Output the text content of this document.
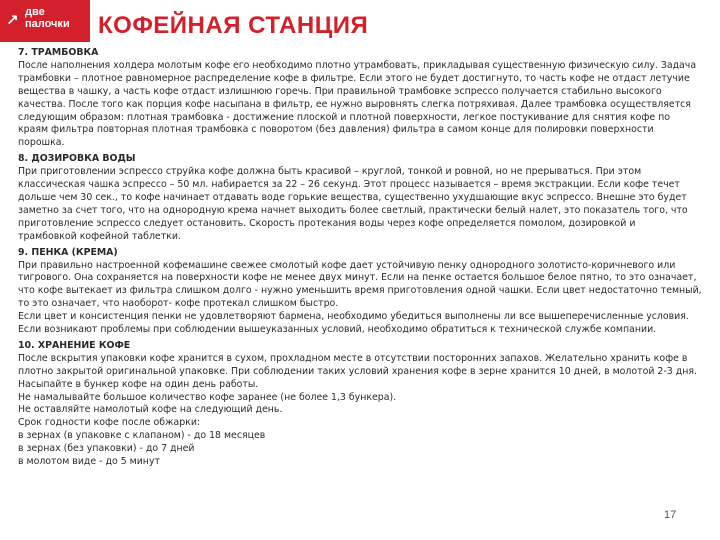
↗ две
палочки КОФЕЙНАЯ СТАНЦИЯ
7. ТРАМБОВКА
После наполнения холдера молотым кофе его необходимо плотно утрамбовать, прикладывая существенную физическую силу. Задача
трамбовки – плотное равномерное распределение кофе в фильтре. Если этого не будет достигнуто, то часть кофе не отдаст летучие
вещества в чашку, а часть кофе отдаст излишнюю горечь. При правильной трамбовке эспрессо получается стабильно высокого
качества. После того как порция кофе насыпана в фильтр, ее нужно выровнять слегка потряхивая. Далее трамбовка осуществляется
следующим образом: плотная трамбовка - достижение плоской и плотной поверхности, легкое постукивание для снятия кофе по
краям фильтра повторная плотная трамбовка с поворотом (без давления) фильтра в самом конце для полировки поверхности
порошка.
8. ДОЗИРОВКА ВОДЫ
При приготовлении эспрессо струйка кофе должна быть красивой – круглой, тонкой и ровной, но не прерываться. При этом
классическая чашка эспрессо – 50 мл. набирается за 22 – 26 секунд. Этот процесс называется – время экстракции. Если кофе течет
дольше чем 30 сек., то кофе начинает отдавать воде горькие вещества, существенно ухудшающие вкус эспрессо. Внешне это будет
заметно за счет того, что на однородную крема начнет выходить более светлый, практически белый налет, это показатель того, что
приготовление эспрессо следует остановить. Скорость протекания воды через кофе определяется помолом, дозировкой и
трамбовкой кофейной таблетки.
9. ПЕНКА (КРЕМА)
При правильно настроенной кофемашине свежее смолотый кофе дает устойчивую пенку однородного золотисто-коричневого или
тигрового. Она сохраняется на поверхности кофе не менее двух минут. Если на пенке остается большое белое пятно, то это означает,
что кофе вытекает из фильтра слишком долго - нужно уменьшить время приготовления одной чашки. Если цвет недостаточно темный,
то это означает, что наоборот- кофе протекал слишком быстро.
Если цвет и консистенция пенки не удовлетворяют бармена, необходимо убедиться выполнены ли все вышеперечисленные условия.
Если возникают проблемы при соблюдении вышеуказанных условий, необходимо обратиться к технической службе компании.
10. ХРАНЕНИЕ КОФЕ
После вскрытия упаковки кофе хранится в сухом, прохладном месте в отсутствии посторонних запахов. Желательно хранить кофе в
плотно закрытой оригинальной упаковке. При соблюдении таких условий хранения кофе в зерне хранится 10 дней, в молотой 2-3 дня.
Насыпайте в бункер кофе на один день работы.
Не намалывайте большое количество кофе заранее (не более 1,3 бункера).
Не оставляйте намолотый кофе на следующий день.
Срок годности кофе после обжарки:
в зернах (в упаковке с клапаном) - до 18 месяцев
в зернах (без упаковки) - до 7 дней
в молотом виде - до 5 минут
17
